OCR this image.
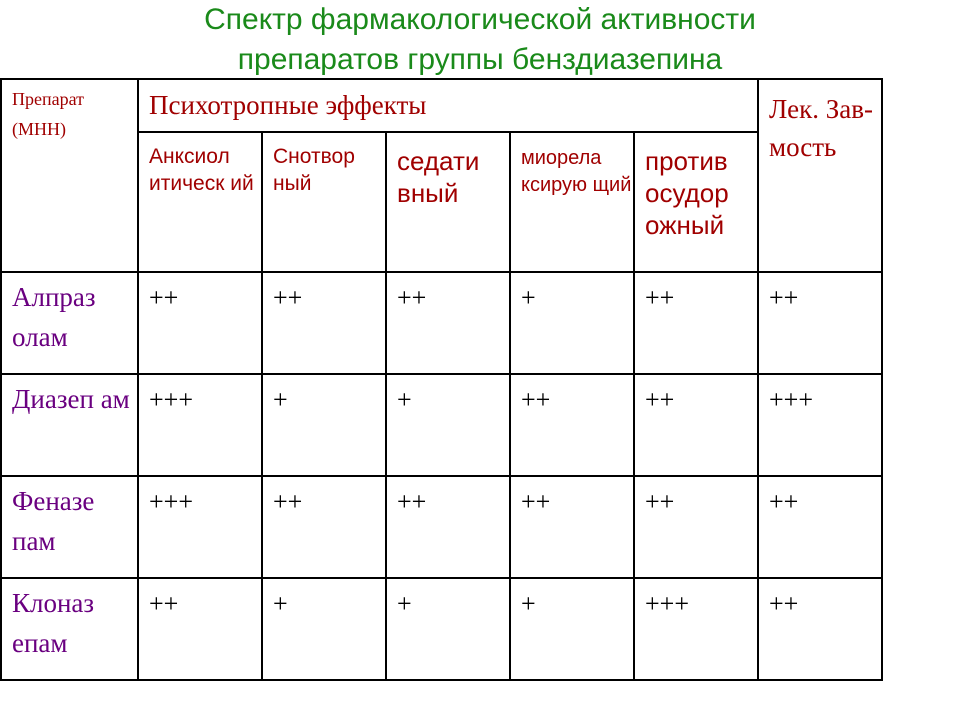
Спектр фармакологической активности
препаратов группы бенздиазепина
Препарат (МНН)	Психотропные эффекты					Лек. Зав-мость
	Анксиол итическ ий	Снотвор ный	седати вный	миорела ксирую щий	против осудор ожный	
Алпраз олам	++	++	++	+	++	++
Диазеп ам	+++	+	+	++	++	+++
Феназе пам	+++	++	++	++	++	++
Клоназ епам	++	+	+	+	+++	++
